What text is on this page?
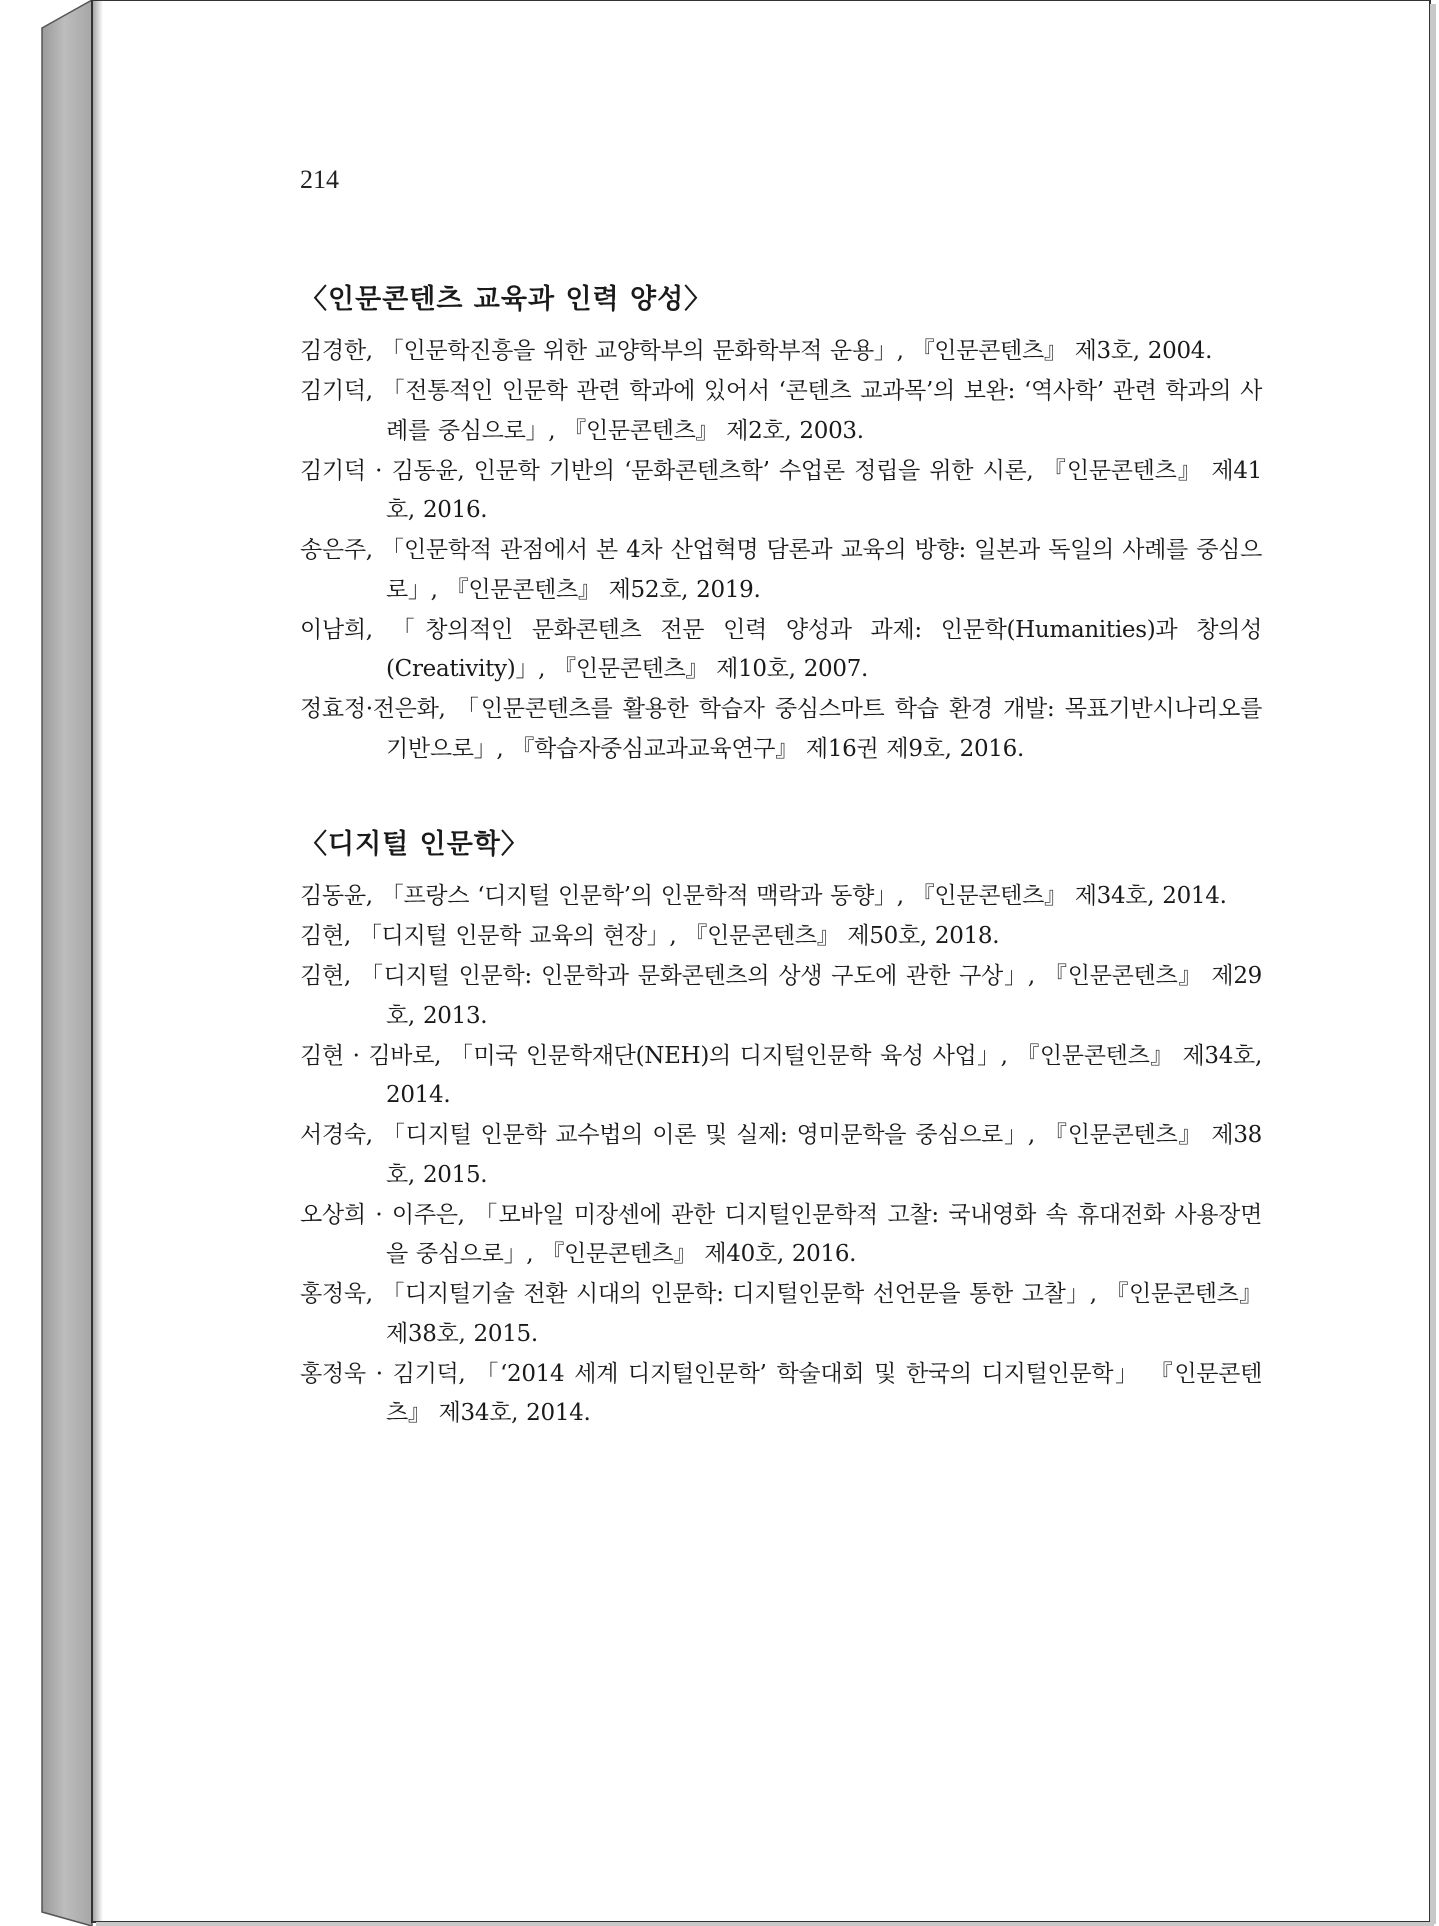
214

〈인문콘텐츠 교육과 인력 양성〉
김경한, 「인문학진흥을 위한 교양학부의 문화학부적 운용」, 『인문콘텐츠』 제3호, 2004.
김기덕, 「전통적인 인문학 관련 학과에 있어서 ‘콘텐츠 교과목’의 보완: ‘역사학’ 관련 학과의 사례를 중심으로」, 『인문콘텐츠』 제2호, 2003.
김기덕 · 김동윤, 인문학 기반의 ‘문화콘텐츠학’ 수업론 정립을 위한 시론, 『인문콘텐츠』 제41호, 2016.
송은주, 「인문학적 관점에서 본 4차 산업혁명 담론과 교육의 방향: 일본과 독일의 사례를 중심으로」, 『인문콘텐츠』 제52호, 2019.
이남희, 「창의적인 문화콘텐츠 전문 인력 양성과 과제: 인문학(Humanities)과 창의성(Creativity)」, 『인문콘텐츠』 제10호, 2007.
정효정·전은화, 「인문콘텐츠를 활용한 학습자 중심스마트 학습 환경 개발: 목표기반시나리오를 기반으로」, 『학습자중심교과교육연구』 제16권 제9호, 2016.
〈디지털 인문학〉
김동윤, 「프랑스 ‘디지털 인문학’의 인문학적 맥락과 동향」, 『인문콘텐츠』 제34호, 2014.
김현, 「디지털 인문학 교육의 현장」, 『인문콘텐츠』 제50호, 2018.
김현, 「디지털 인문학: 인문학과 문화콘텐츠의 상생 구도에 관한 구상」, 『인문콘텐츠』 제29호, 2013.
김현 · 김바로, 「미국 인문학재단(NEH)의 디지털인문학 육성 사업」, 『인문콘텐츠』 제34호, 2014.
서경숙, 「디지털 인문학 교수법의 이론 및 실제: 영미문학을 중심으로」, 『인문콘텐츠』 제38호, 2015.
오상희 · 이주은, 「모바일 미장센에 관한 디지털인문학적 고찰: 국내영화 속 휴대전화 사용장면을 중심으로」, 『인문콘텐츠』 제40호, 2016.
홍정욱, 「디지털기술 전환 시대의 인문학: 디지털인문학 선언문을 통한 고찰」, 『인문콘텐츠』 제38호, 2015.
홍정욱 · 김기덕, 「‘2014 세계 디지털인문학’ 학술대회 및 한국의 디지털인문학」 『인문콘텐츠』 제34호, 2014.
